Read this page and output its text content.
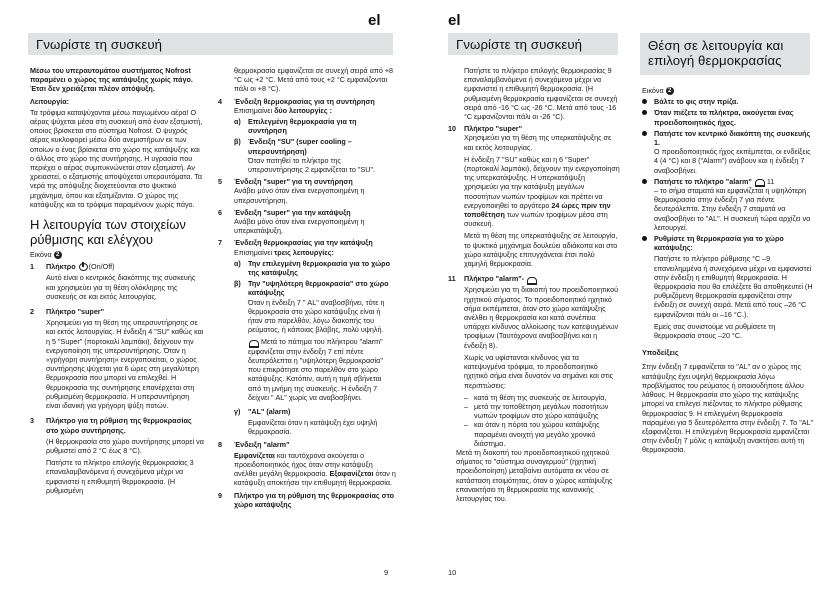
el
Γνωρίστε τη συσκευή

Μέσω του υπεραυτομάτου συστήματος Nofrost παραμένει ο χώρος της κατάψυξης χωρίς πάγο. Έτσι δεν χρειάζεται πλέον απόψυξη.

Λειτουργία:

Τα τρόφιμα καταψύχονται μέσω παγωμένου αέρα! Ο αέρας ψύχεται μέσα στη συσκευή από έναν εξατμιστή, οποίος βρίσκεται στο σύστημα Nofrost. Ο ψυχρός αέρας κυκλοφορεί μέσω δύο ανεμιστήρων εκ των οποίων ο ένας βρίσκεται στο χώρο της κατάψυξης και ο άλλος στο χώρο της συντήρησης. Η υγρασία που περιέχει ο αέρας συμπυκνώνεται στον εξατμιστή. Αν χρειαστεί, ο εξατμιστής αποψύχεται υπεραυτόματα. Τα νερά της απόψυξης διοχετεύονται στο ψυκτικό μηχάνημα, όπου και εξατμίζονται. Ο χώρος της κατάψυξης και τα τρόφιμα παραμένουν χωρίς πάγο.

Η λειτουργία των στοιχείων ρύθμισης και ελέγχου
Εικόνα 2
1	Πλήκτρο (On/Off)

Αυτό είναι ο κεντρικός διακόπτης της συσκευής και χρησιμεύει για τη θέση ολόκληρης της συσκευής σε και εκτός λειτουργίας.

2	Πλήκτρο "super"

Χρησιμεύει για τη θέση της υπερσυντήρησης σε και εκτός λειτουργίας. Η ένδειξη 4 "SU" καθώς και η 5 "Super" (πορτοκαλί λαμπάκι), δείχνουν την ενεργοποίηση της υπερσυντήρησης. Όταν η «γρήγορη συντήρηση» ενεργοποιείται, ο χώρος συντήρησης ψύχεται για 6 ώρες στη μεγαλύτερη θερμοκρασία που μπορεί να επιλεχθεί. Η θερμοκρασία της συντήρησης επανέρχεται στη ρυθμισμένη θερμοκρασία. Η υπερσυντήρηση είναι ιδανική για γρήγορη ψύξη ποτών.

3	Πλήκτρο για τη ρύθμιση της θερμοκρασίας στο χώρο συντήρησης.

(Η θερμοκρασία στο χώρο συντήρησης μπορεί να ρυθμιστεί από 2 °C έως 8 °C).

Πατήστε το πλήκτρο επιλογής θερμοκρασίας 3 επαναλαμβανόμενα ή συνεχόμενα μέχρι να εμφανιστεί η επιθυμητή θερμοκρασία. (Η ρυθμισμένη

θερμοκρασία εμφανίζεται σε συνεχή σειρά από +8 °C ως +2 °C. Μετά από τους +2 °C εμφανίζονται πάλι οι +8 °C).

4	Ένδειξη θερμοκρασίας για τη συντήρηση
Επισημαίνει δύο λειτουργίες :
α) Επιλεγμένη θερμοκρασία για τη συντήρηση
β)	Ένδειξη "SU" (super cooling – υπερσυντήρηση)
Όταν πατηθεί το πλήκτρο της υπερσυντήρησης 2 εμφανίζεται το "SU".
5	Ένδειξη "super" για τη συντήρηση
Ανάβει μόνο όταν είναι ενεργοποιημένη η υπερσυντήρηση.
6	Ένδειξη "super" για την κατάψυξη
Ανάβει μόνο όταν είναι ενεργοποιημένη η υπερκατάψυξη.
7	Ένδειξη θερμοκρασίας για την κατάψυξη
Επισημαίνει τρεις λειτουργίες:
α) Την επιλεγμένη θερμοκρασία για το χώρο της κατάψυξης
β)	Την "υψηλότερη θερμοκρασία" στο χώρο κατάψυξης

Όταν η ένδειξη 7 " AL" αναβοσβήνει, τότε η θερμοκρασία στο χώρο κατάψυξης είναι ή ήταν στο παρελθόν, λόγω διακοπής του ρεύματος, ή κάποιας βλάβης, πολύ υψηλή.

Μετά το πάτημα του πλήκτρου "alarm" εμφανίζεται στην ένδειξη 7 επί πέντε δευτερόλεπτα η "υψηλότερη θερμοκρασία" που επικράτησε στο παρελθόν στο χώρο κατάψυξης. Κατόπιν, αυτή η τιμή σβήνεται από τη μνήμη της συσκευής. Η ένδειξη 7 δείχνει " AL" χωρίς να αναβοσβήνει.

γ)	"AL" (alarm)
Εμφανίζεται όταν η κατάψυξη έχει υψηλή θερμοκρασία.
8	Ένδειξη "alarm"
Εμφανίζεται και ταυτόχρονα ακούγεται ο προειδοποιητικός ήχος όταν στην κατάψυξη ανέλθει μεγάλη θερμοκρασία. Εξαφανίζεται όταν η κατάψυξη αποκτήσει την επιθυμητή θερμοκρασία.
9	Πλήκτρο για τη ρύθμιση της θερμοκρασίας στο χώρο κατάψυξης
9
el
Γνωρίστε τη συσκευή	Θέση σε λειτουργία και επιλογή θερμοκρασίας

Πατήστε το πλήκτρο επιλογής θερμοκρασίας 9 επαναλαμβανόμενα ή συνεχόμενα μέχρι να εμφανιστεί η επιθυμητή θερμοκρασία. (Η ρυθμισμένη θερμοκρασία εμφανίζεται σε συνεχή σειρά από -16 °C ως -26 °C. Μετά από τους -16 °C εμφανίζονται πάλι οι -26 °C).

10	Πλήκτρο "super"

Χρησιμεύει για τη θέση της υπερκατάψυξης σε και εκτός λειτουργίας.

Η ένδειξη 7 "SU" καθώς και η 6 "Super" (πορτοκαλί λαμπάκι), δείχνουν την ενεργοποίηση της υπερκατάψυξης. Η υπερκατάψυξη χρησιμεύει για την κατάψυξη μεγάλων ποσοτήτων νωπών τροφίμων και πρέπει να ενεργοποιηθεί το αργότερο 24 ώρες πριν την τοποθέτηση των νωπών τροφίμων μέσα στη συσκευή.

Μετά τη θέση της υπερκατάψυξης σε λειτουργία, το ψυκτικό μηχάνημα δουλεύει αδιάκοπα και στο χώρο κατάψυξης επιτυγχάνεται έτσι πολύ χαμηλή θερμοκρασία.

11	Πλήκτρο "alarm"-

Χρησιμεύει για τη διακοπή του προειδοποιητικού ηχητικού σήματος. Το προειδοποιητικό ηχητικό σήμα εκπέμπεται, όταν στο χώρο κατάψυξης ανέλθει η θερμοκρασία και κατά συνέπεια υπάρχει κίνδυνος αλλοίωσης των κατεψυγμένων τροφίμων (Ταυτόχρονα αναβοσβήνει και η ένδειξη 8).

Χωρίς να υφίστανται κίνδυνος για τα κατεψυγμένα τρόφιμα, το προειδοποιητικό ηχητικό σήμα είναι δυνατόν να σημάνει και στις περιπτώσεις:

– κατά τη θέση της συσκευής σε λειτουργία,
– μετά την τοποθέτηση μεγάλων ποσοτήτων νωπών τροφίμων στο χώρο κατάψυξης
– και όταν η πόρτα του χώρου κατάψυξης παραμένει ανοιχτή για μεγάλο χρονικό διάστημα.

Μετά τη διακοπή του προειδοποιητικού ηχητικού σήματος το "σύστημα συναγερμού" (ηχητική προειδοποίηση) μεταβαίνει αυτόματα εκ νέου σε κατάσταση ετοιμότητας, όταν ο χώρος κατάψυξης επανακτήσει τη θερμοκρασία της κανονικής λειτουργίας του.

Εικόνα 2
Βάλτε το φις στην πρίζα.
Όταν πιέζετε τα πλήκτρα, ακούγεται ένας προειδοποιητικός ήχος.
Πατήστε τον κεντρικό διακόπτη της συσκευής 1.
Ο προειδοποιητικός ήχος εκπέμπεται, οι ενδείξεις 4 (4 °C) και 8 ("Alarm") ανάβουν και η ένδειξη 7 αναβοσβήνει.
Πατήστε το πλήκτρο "alarm" 11
– το σήμα σταματά και εμφανίζεται η υψηλότερη θερμοκρασία στην ένδειξη 7 για πέντε δευτερόλεπτα. Στην ένδειξη 7 σταματά να αναβοσβήνει το "AL". Η συσκευή τώρα αρχίζει να λειτουργεί.
Ρυθμίστε τη θερμοκρασία για το χώρο κατάψυξης:

Πατήστε το πλήκτρο ρύθμισης °C –9 επανειλημμένα ή συνεχόμενα μέχρι να εμφανιστεί στην ένδειξη η επιθυμητή θερμοκρασία. Η θερμοκρασία που θα επιλέξετε θα αποθηκευτεί (Η ρυθμιζόμενη θερμοκρασία εμφανίζεται στην ένδειξη σε συνεχή σειρά. Μετά από τους –26 °C εμφανίζονται πάλι οι –16 °C.).

Εμείς σας συνιστούμε να ρυθμίσετε τη θερμοκρασία στους –20 °C.

Υποδείξεις

Στην ένδειξη 7 εμφανίζεται το "AL" αν ο χώρος της κατάψυξης έχει υψηλή θερμοκρασία λόγω προβλήματος του ρεύματος ή οποιουδήποτε άλλου λάθους. Η θερμοκρασία στο χώρο της κατάψυξης μπορεί να επιλεγεί πιέζοντας το πλήκτρο ρύθμισης θερμοκρασίας 9. Η επιλεγμένη θερμοκρασία παραμένει για 5 δευτερόλεπτα στην ένδειξη 7. Το "AL" εξαφανίζεται. Η επιλεγμένη θερμοκρασία εμφανίζεται στην ένδειξη 7 μόλις η κατάψυξη ανακτήσει αυτή τη θερμοκρασία.

10
